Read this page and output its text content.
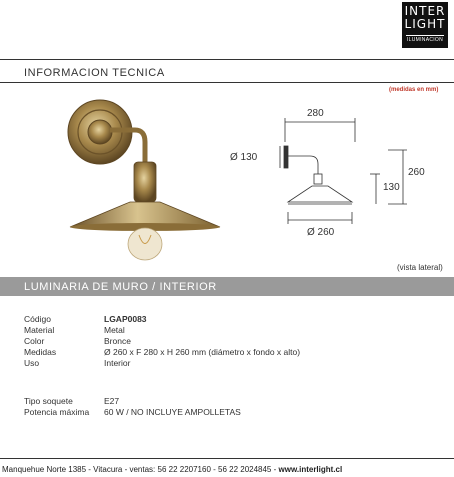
INTER
LIGHT
ILUMINACION
INFORMACION TECNICA
(medidas en mm)
280
Ø 130
260
130
Ø 260
(vista lateral)
LUMINARIA DE MURO / INTERIOR
Código	LGAP0083
Material	Metal
Color	Bronce
Medidas	Ø 260 x F 280 x H 260 mm (diámetro x fondo x alto)
Uso	Interior
Tipo soquete	E27
Potencia máxima 60 W / NO INCLUYE AMPOLLETAS
Manquehue Norte 1385 - Vitacura - ventas: 56 22 2207160 - 56 22 2024845 - www.interlight.cl
